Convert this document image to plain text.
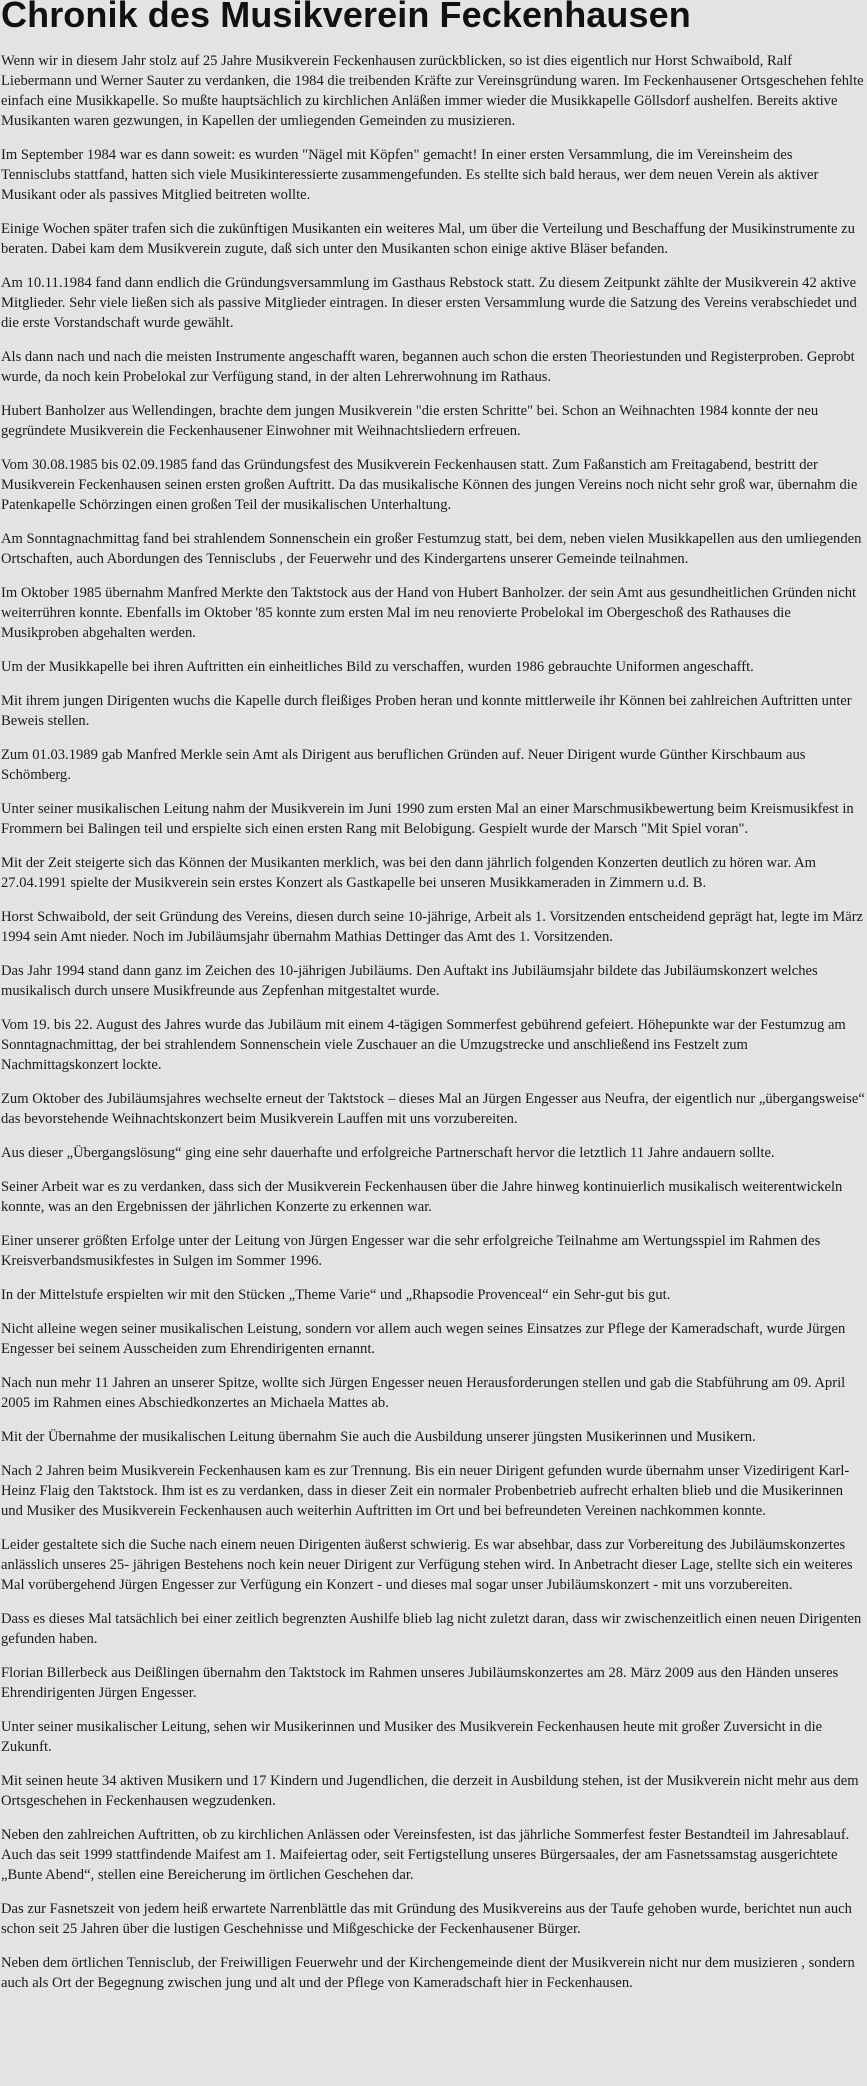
Chronik des Musikverein Feckenhausen

Wenn wir in diesem Jahr stolz auf 25 Jahre Musikverein Feckenhausen zurückblicken, so ist dies eigentlich nur Horst Schwaibold, Ralf Liebermann und Werner Sauter zu verdanken, die 1984 die treibenden Kräfte zur Vereinsgründung waren. Im Feckenhausener Ortsgeschehen fehlte einfach eine Musikkapelle. So mußte hauptsächlich zu kirchlichen Anläßen immer wieder die Musikkapelle Göllsdorf aushelfen. Bereits aktive Musikanten waren gezwungen, in Kapellen der umliegenden Gemeinden zu musizieren.

Im September 1984 war es dann soweit: es wurden "Nägel mit Köpfen" gemacht! In einer ersten Versammlung, die im Vereinsheim des Tennisclubs stattfand, hatten sich viele Musikinteressierte zusammengefunden. Es stellte sich bald heraus, wer dem neuen Verein als aktiver Musikant oder als passives Mitglied beitreten wollte.

Einige Wochen später trafen sich die zukünftigen Musikanten ein weiteres Mal, um über die Verteilung und Beschaffung der Musikinstrumente zu beraten. Dabei kam dem Musikverein zugute, daß sich unter den Musikanten schon einige aktive Bläser befanden.

Am 10.11.1984 fand dann endlich die Gründungsversammlung im Gasthaus Rebstock statt. Zu diesem Zeitpunkt zählte der Musikverein 42 aktive Mitglieder. Sehr viele ließen sich als passive Mitglieder eintragen. In dieser ersten Versammlung wurde die Satzung des Vereins verabschiedet und die erste Vorstandschaft wurde gewählt.

Als dann nach und nach die meisten Instrumente angeschafft waren, begannen auch schon die ersten Theoriestunden und Registerproben. Geprobt wurde, da noch kein Probelokal zur Verfügung stand, in der alten Lehrerwohnung im Rathaus.

Hubert Banholzer aus Wellendingen, brachte dem jungen Musikverein "die ersten Schritte" bei. Schon an Weihnachten 1984 konnte der neu gegründete Musikverein die Feckenhausener Einwohner mit Weihnachtsliedern erfreuen.

Vom 30.08.1985 bis 02.09.1985 fand das Gründungsfest des Musikverein Feckenhausen statt. Zum Faßanstich am Freitagabend, bestritt der Musikverein Feckenhausen seinen ersten großen Auftritt. Da das musikalische Können des jungen Vereins noch nicht sehr groß war, übernahm die Patenkapelle Schörzingen einen großen Teil der musikalischen Unterhaltung.

Am Sonntagnachmittag fand bei strahlendem Sonnenschein ein großer Festumzug statt, bei dem, neben vielen Musikkapellen aus den umliegenden Ortschaften, auch Abordungen des Tennisclubs , der Feuerwehr und des Kindergartens unserer Gemeinde teilnahmen.

Im Oktober 1985 übernahm Manfred Merkte den Taktstock aus der Hand von Hubert Banholzer. der sein Amt aus gesundheitlichen Gründen nicht weiterrühren konnte. Ebenfalls im Oktober '85 konnte zum ersten Mal im neu renovierte Probelokal im Obergeschoß des Rathauses die Musikproben abgehalten werden.

Um der Musikkapelle bei ihren Auftritten ein einheitliches Bild zu verschaffen, wurden 1986 gebrauchte Uniformen angeschafft.

Mit ihrem jungen Dirigenten wuchs die Kapelle durch fleißiges Proben heran und konnte mittlerweile ihr Können bei zahlreichen Auftritten unter Beweis stellen.

Zum 01.03.1989 gab Manfred Merkle sein Amt als Dirigent aus beruflichen Gründen auf. Neuer Dirigent wurde Günther Kirschbaum aus Schömberg.

Unter seiner musikalischen Leitung nahm der Musikverein im Juni 1990 zum ersten Mal an einer Marschmusikbewertung beim Kreismusikfest in Frommern bei Balingen teil und erspielte sich einen ersten Rang mit Belobigung. Gespielt wurde der Marsch "Mit Spiel voran".

Mit der Zeit steigerte sich das Können der Musikanten merklich, was bei den dann jährlich folgenden Konzerten deutlich zu hören war. Am 27.04.1991 spielte der Musikverein sein erstes Konzert als Gastkapelle bei unseren Musikkameraden in Zimmern u.d. B.

Horst Schwaibold, der seit Gründung des Vereins, diesen durch seine 10-jährige, Arbeit als 1. Vorsitzenden entscheidend geprägt hat, legte im März 1994 sein Amt nieder. Noch im Jubiläumsjahr übernahm Mathias Dettinger das Amt des 1. Vorsitzenden.

Das Jahr 1994 stand dann ganz im Zeichen des 10-jährigen Jubiläums. Den Auftakt ins Jubiläumsjahr bildete das Jubiläumskonzert welches musikalisch durch unsere Musikfreunde aus Zepfenhan mitgestaltet wurde.

Vom 19. bis 22. August des Jahres wurde das Jubiläum mit einem 4-tägigen Sommerfest gebührend gefeiert. Höhepunkte war der Festumzug am Sonntagnachmittag, der bei strahlendem Sonnenschein viele Zuschauer an die Umzugstrecke und anschließend ins Festzelt zum Nachmittagskonzert lockte.

Zum Oktober des Jubiläumsjahres wechselte erneut der Taktstock – dieses Mal an Jürgen Engesser aus Neufra, der eigentlich nur „übergangsweise“ das bevorstehende Weihnachtskonzert beim Musikverein Lauffen mit uns vorzubereiten.

Aus dieser „Übergangslösung“ ging eine sehr dauerhafte und erfolgreiche Partnerschaft hervor die letztlich 11 Jahre andauern sollte.

Seiner Arbeit war es zu verdanken, dass sich der Musikverein Feckenhausen über die Jahre hinweg kontinuierlich musikalisch weiterentwickeln konnte, was an den Ergebnissen der jährlichen Konzerte zu erkennen war.

Einer unserer größten Erfolge unter der Leitung von Jürgen Engesser war die sehr erfolgreiche Teilnahme am Wertungsspiel im Rahmen des Kreisverbandsmusikfestes in Sulgen im Sommer 1996.

In der Mittelstufe erspielten wir mit den Stücken „Theme Varie“ und „Rhapsodie Provenceal“ ein Sehr-gut bis gut.

Nicht alleine wegen seiner musikalischen Leistung, sondern vor allem auch wegen seines Einsatzes zur Pflege der Kameradschaft, wurde Jürgen Engesser bei seinem Ausscheiden zum Ehrendirigenten ernannt.

Nach nun mehr 11 Jahren an unserer Spitze, wollte sich Jürgen Engesser neuen Herausforderungen stellen und gab die Stabführung am 09. April 2005 im Rahmen eines Abschiedkonzertes an Michaela Mattes ab.

Mit der Übernahme der musikalischen Leitung übernahm Sie auch die Ausbildung unserer jüngsten Musikerinnen und Musikern.

Nach 2 Jahren beim Musikverein Feckenhausen kam es zur Trennung. Bis ein neuer Dirigent gefunden wurde übernahm unser Vizedirigent Karl-Heinz Flaig den Taktstock. Ihm ist es zu verdanken, dass in dieser Zeit ein normaler Probenbetrieb aufrecht erhalten blieb und die Musikerinnen und Musiker des Musikverein Feckenhausen auch weiterhin Auftritten im Ort und bei befreundeten Vereinen nachkommen konnte.

Leider gestaltete sich die Suche nach einem neuen Dirigenten äußerst schwierig. Es war absehbar, dass zur Vorbereitung des Jubiläumskonzertes anlässlich unseres 25- jährigen Bestehens noch kein neuer Dirigent zur Verfügung stehen wird. In Anbetracht dieser Lage, stellte sich ein weiteres Mal vorübergehend Jürgen Engesser zur Verfügung ein Konzert - und dieses mal sogar unser Jubiläumskonzert - mit uns vorzubereiten.

Dass es dieses Mal tatsächlich bei einer zeitlich begrenzten Aushilfe blieb lag nicht zuletzt daran, dass wir zwischenzeitlich einen neuen Dirigenten gefunden haben.

Florian Billerbeck aus Deißlingen übernahm den Taktstock im Rahmen unseres Jubiläumskonzertes am 28. März 2009 aus den Händen unseres Ehrendirigenten Jürgen Engesser.

Unter seiner musikalischer Leitung, sehen wir Musikerinnen und Musiker des Musikverein Feckenhausen heute mit großer Zuversicht in die Zukunft.

Mit seinen heute 34 aktiven Musikern und 17 Kindern und Jugendlichen, die derzeit in Ausbildung stehen, ist der Musikverein nicht mehr aus dem Ortsgeschehen in Feckenhausen wegzudenken.

Neben den zahlreichen Auftritten, ob zu kirchlichen Anlässen oder Vereinsfesten, ist das jährliche Sommerfest fester Bestandteil im Jahresablauf. Auch das seit 1999 stattfindende Maifest am 1. Maifeiertag oder, seit Fertigstellung unseres Bürgersaales, der am Fasnetssamstag ausgerichtete „Bunte Abend“, stellen eine Bereicherung im örtlichen Geschehen dar.

Das zur Fasnetszeit von jedem heiß erwartete Narrenblättle das mit Gründung des Musikvereins aus der Taufe gehoben wurde, berichtet nun auch schon seit 25 Jahren über die lustigen Geschehnisse und Mißgeschicke der Feckenhausener Bürger.

Neben dem örtlichen Tennisclub, der Freiwilligen Feuerwehr und der Kirchengemeinde dient der Musikverein nicht nur dem musizieren , sondern auch als Ort der Begegnung zwischen jung und alt und der Pflege von Kameradschaft hier in Feckenhausen.
